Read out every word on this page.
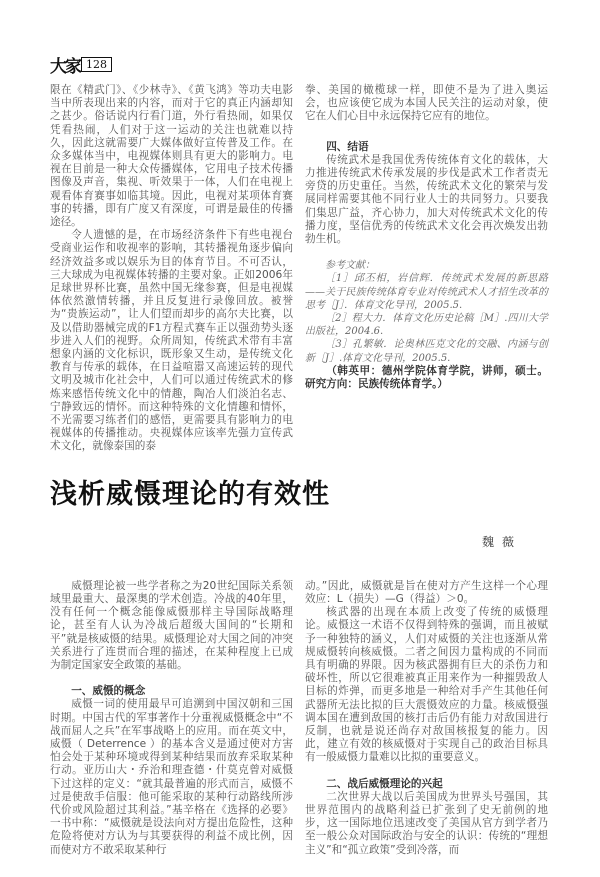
大家 128

限在《精武门》、《少林寺》、《黄飞鸿》等功夫电影当中所表现出来的内容，而对于它的真正内涵却知之甚少。俗话说内行看门道，外行看热闹，如果仅凭看热闹，人们对于这一运动的关注也就难以持久，因此这就需要广大媒体做好宣传普及工作。在众多媒体当中，电视媒体则具有更大的影响力。电视在目前是一种大众传播媒体，它用电子技术传播图像及声音，集视、听效果于一体，人们在电视上观看体育赛事如临其境。因此，电视对某项体育赛事的转播，即有广度又有深度，可谓是最佳的传播途径。

令人遗憾的是，在市场经济条件下有些电视台受商业运作和收视率的影响，其转播视角逐步偏向经济效益多或以娱乐为目的体育节目。不可否认，三大球成为电视媒体转播的主要对象。正如2006年足球世界杯比赛，虽然中国无缘参赛，但是电视媒体依然激情转播，并且反复进行录像回放。被誉为“贵族运动”，让人们望而却步的高尔夫比赛，以及以借助器械完成的F1方程式赛车正以强劲势头逐步进入人们的视野。众所周知，传统武术带有丰富想象内涵的文化标识，既形象又生动，是传统文化教育与传承的载体，在日益喧嚣又高速运转的现代文明及城市化社会中，人们可以通过传统武术的修炼来感悟传统文化中的情趣，陶冶人们淡泊名志、宁静致远的情怀。而这种特殊的文化情趣和情怀，不光需要习练者们的感悟，更需要具有影响力的电视媒体的传播推动。央视媒体应该率先强力宣传武术文化，就像泰国的泰

拳、美国的橄榄球一样，即使不是为了进入奥运会，也应该使它成为本国人民关注的运动对象，使它在人们心目中永远保持它应有的地位。

四、结语

传统武术是我国优秀传统体育文化的载体，大力推进传统武术传承发展的步伐是武术工作者责无旁贷的历史重任。当然，传统武术文化的繁荣与发展同样需要其他不同行业人士的共同努力。只要我们集思广益，齐心协力，加大对传统武术文化的传播力度，坚信优秀的传统武术文化会再次焕发出勃勃生机。

参考文献：

［1］邱丕相，岩信辉．传统武术发展的新思路——关于民族传统体育专业对传统武术人才招生改革的思考［J］．体育文化导刊，2005.5.

［2］程大力．体育文化历史论稿［M］.四川大学出版社，2004.6.

［3］孔繁敏．论奥林匹克文化的交融、内涵与创新［J］.体育文化导刊，2005.5.

（韩英甲：德州学院体育学院，讲师，硕士。研究方向：民族传统体育学。）

浅析威慑理论的有效性
魏薇

威慑理论被一些学者称之为20世纪国际关系领域里最重大、最深奥的学术创造。冷战的40年里，没有任何一个概念能像威慑那样主导国际战略理论，甚至有人认为冷战后超级大国间的“长期和平”就是核威慑的结果。威慑理论对大国之间的冲突关系进行了连贯而合理的描述，在某种程度上已成为制定国家安全政策的基础。

一、威慑的概念

威慑一词的使用最早可追溯到中国汉朝和三国时期。中国古代的军事著作十分重视威慑概念中“不战而屈人之兵”在军事战略上的应用。而在英文中，威慑（ Deterrence ）的基本含义是通过使对方害怕会处于某种环境或得到某种结果而放弃采取某种行动。亚历山大・乔治和理查德・什莫克曾对威慑下过这样的定义：“就其最普遍的形式而言，威慑不过是使敌手信服：他可能采取的某种行动路线所涉代价或风险超过其利益。”基辛格在《选择的必要》一书中称：“威慑就是设法向对方提出危险性，这种危险将使对方认为与其要获得的利益不成比例，因而使对方不敢采取某种行

动。”因此，威慑就是旨在使对方产生这样一个心理效应：L（损失）—G（得益）＞0。

核武器的出现在本质上改变了传统的威慑理论。威慑这一术语不仅得到特殊的强调，而且被赋予一种独特的涵义，人们对威慑的关注也逐渐从常规威慑转向核威慑。二者之间因力量构成的不同而具有明确的界限。因为核武器拥有巨大的杀伤力和破坏性，所以它很难被真正用来作为一种摧毁敌人目标的炸弹，而更多地是一种给对手产生其他任何武器所无法比拟的巨大震慑效应的力量。核威慑强调本国在遭到敌国的核打击后仍有能力对敌国进行反制，也就是说还尚存对敌国核报复的能力。因此，建立有效的核威慑对于实现自己的政治目标具有一般威慑力量难以比拟的重要意义。

二、战后威慑理论的兴起

二次世界大战以后美国成为世界头号强国，其世界范围内的战略利益已扩张到了史无前例的地步，这一国际地位迅速改变了美国从官方到学者乃至一般公众对国际政治与安全的认识：传统的“理想主义”和“孤立政策”受到冷落，而
